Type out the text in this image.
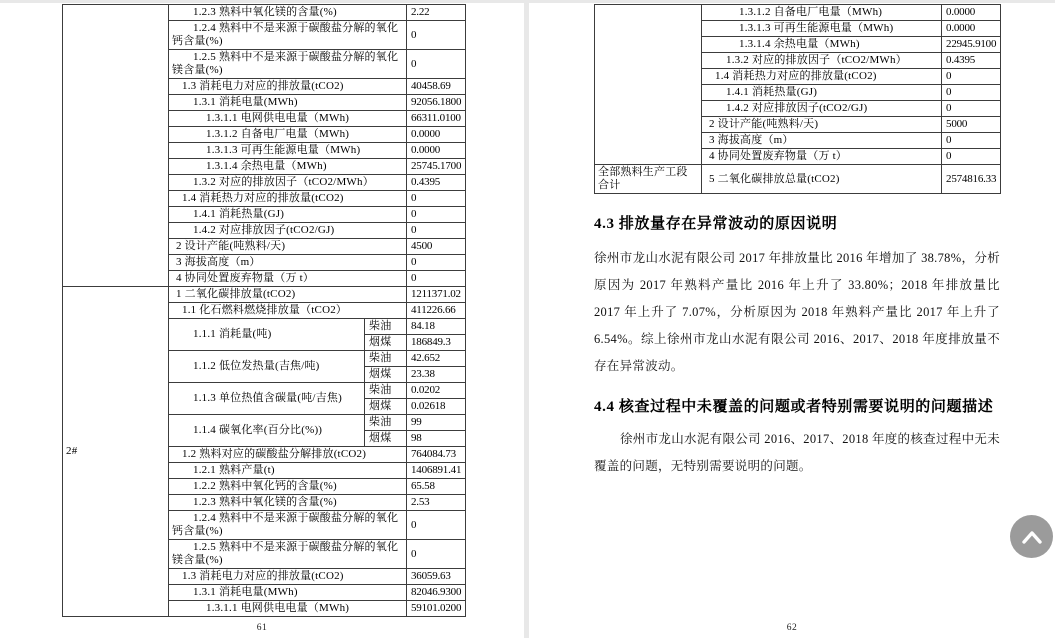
	1.2.3 熟料中氧化镁的含量(%)		2.22
	1.2.4 熟料中不是来源于碳酸盐分解的氧化钙含量(%)		0
	1.2.5 熟料中不是来源于碳酸盐分解的氧化镁含量(%)		0
	1.3 消耗电力对应的排放量(tCO2)		40458.69
	1.3.1 消耗电量(MWh)		92056.1800
	1.3.1.1 电网供电电量（MWh)		66311.0100
	1.3.1.2 自备电厂电量（MWh)		0.0000
	1.3.1.3 可再生能源电量（MWh)		0.0000
	1.3.1.4 余热电量（MWh)		25745.1700
	1.3.2 对应的排放因子（tCO2/MWh）		0.4395
	1.4 消耗热力对应的排放量(tCO2)		0
	1.4.1 消耗热量(GJ)		0
	1.4.2 对应排放因子(tCO2/GJ)		0
	2 设计产能(吨熟料/天)		4500
	3 海拔高度（m）		0
	4 协同处置废弃物量（万 t）		0
2#	1 二氧化碳排放量(tCO2)		1211371.02
	1.1 化石燃料燃烧排放量（tCO2）		411226.66
	1.1.1 消耗量(吨)	柴油	84.18
		烟煤	186849.3
	1.1.2 低位发热量(吉焦/吨)	柴油	42.652
		烟煤	23.38
	1.1.3 单位热值含碳量(吨/吉焦)	柴油	0.0202
		烟煤	0.02618
	1.1.4 碳氧化率(百分比(%))	柴油	99
		烟煤	98
	1.2 熟料对应的碳酸盐分解排放(tCO2)		764084.73
	1.2.1 熟料产量(t)		1406891.41
	1.2.2 熟料中氧化钙的含量(%)		65.58
	1.2.3 熟料中氧化镁的含量(%)		2.53
	1.2.4 熟料中不是来源于碳酸盐分解的氧化钙含量(%)		0
	1.2.5 熟料中不是来源于碳酸盐分解的氧化镁含量(%)		0
	1.3 消耗电力对应的排放量(tCO2)		36059.63
	1.3.1 消耗电量(MWh)		82046.9300
	1.3.1.1 电网供电电量（MWh)		59101.0200
61
	1.3.1.2 自备电厂电量（MWh)	0.0000
	1.3.1.3 可再生能源电量（MWh)	0.0000
	1.3.1.4 余热电量（MWh)	22945.9100
	1.3.2 对应的排放因子（tCO2/MWh）	0.4395
	1.4 消耗热力对应的排放量(tCO2)	0
	1.4.1 消耗热量(GJ)	0
	1.4.2 对应排放因子(tCO2/GJ)	0
	2 设计产能(吨熟料/天)	5000
	3 海拔高度（m）	0
	4 协同处置废弃物量（万 t）	0
全部熟料生产工段合计	5 二氧化碳排放总量(tCO2)	2574816.33
4.3 排放量存在异常波动的原因说明

徐州市龙山水泥有限公司 2017 年排放量比 2016 年增加了 38.78%，分析原因为 2017 年熟料产量比 2016 年上升了 33.80%；2018 年排放量比 2017 年上升了 7.07%，分析原因为 2018 年熟料产量比 2017 年上升了 6.54%。综上徐州市龙山水泥有限公司 2016、2017、2018 年度排放量不存在异常波动。

4.4 核查过程中未覆盖的问题或者特别需要说明的问题描述

徐州市龙山水泥有限公司 2016、2017、2018 年度的核查过程中无未覆盖的问题，无特别需要说明的问题。

62
